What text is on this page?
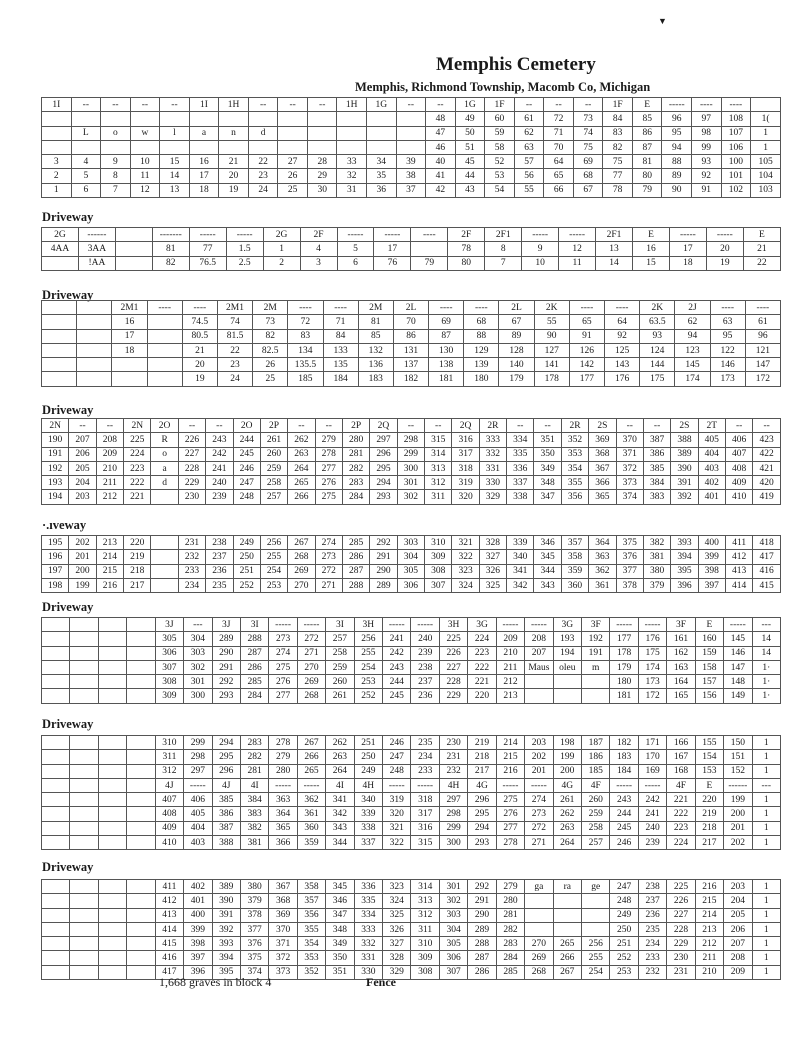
▼
Memphis Cemetery
Memphis, Richmond Township, Macomb Co, Michigan
1I	--	--	--	--	1I	1H	--	--	--	1H	1G	--	--	1G	1F	--	--	--	1F	E	-----	----	----	
													48	49	60	61	72	73	84	85	96	97	108	1(
	L	o	w	l	a	n	d						47	50	59	62	71	74	83	86	95	98	107	1
													46	51	58	63	70	75	82	87	94	99	106	1
3	4	9	10	15	16	21	22	27	28	33	34	39	40	45	52	57	64	69	75	81	88	93	100	105
2	5	8	11	14	17	20	23	26	29	32	35	38	41	44	53	56	65	68	77	80	89	92	101	104
1	6	7	12	13	18	19	24	25	30	31	36	37	42	43	54	55	66	67	78	79	90	91	102	103
Driveway
2G	------		-------	-----	-----	2G	2F	-----	-----	----	2F	2F1	-----	-----	2F1	E	-----	-----	E
4AA	3AA		81	77	1.5	1	4	5	17		78	8	9	12	13	16	17	20	21
	!AA		82	76.5	2.5	2	3	6	76	79	80	7	10	11	14	15	18	19	22
Driveway
		2M1	----	----	2M1	2M	----	----	2M	2L	----	----	2L	2K	----	----	2K	2J	----	----
		16		74.5	74	73	72	71	81	70	69	68	67	55	65	64	63.5	62	63	61
		17		80.5	81.5	82	83	84	85	86	87	88	89	90	91	92	93	94	95	96
		18		21	22	82.5	134	133	132	131	130	129	128	127	126	125	124	123	122	121
				20	23	26	135.5	135	136	137	138	139	140	141	142	143	144	145	146	147
				19	24	25	185	184	183	182	181	180	179	178	177	176	175	174	173	172
Driveway
2N	--	--	2N	2O	--	--	2O	2P	--	--	2P	2Q	--	--	2Q	2R	--	--	2R	2S	--	--	2S	2T	--	--
190	207	208	225	R	226	243	244	261	262	279	280	297	298	315	316	333	334	351	352	369	370	387	388	405	406	423
191	206	209	224	o	227	242	245	260	263	278	281	296	299	314	317	332	335	350	353	368	371	386	389	404	407	422
192	205	210	223	a	228	241	246	259	264	277	282	295	300	313	318	331	336	349	354	367	372	385	390	403	408	421
193	204	211	222	d	229	240	247	258	265	276	283	294	301	312	319	330	337	348	355	366	373	384	391	402	409	420
194	203	212	221		230	239	248	257	266	275	284	293	302	311	320	329	338	347	356	365	374	383	392	401	410	419
·.ıveway
195	202	213	220		231	238	249	256	267	274	285	292	303	310	321	328	339	346	357	364	375	382	393	400	411	418
196	201	214	219		232	237	250	255	268	273	286	291	304	309	322	327	340	345	358	363	376	381	394	399	412	417
197	200	215	218		233	236	251	254	269	272	287	290	305	308	323	326	341	344	359	362	377	380	395	398	413	416
198	199	216	217		234	235	252	253	270	271	288	289	306	307	324	325	342	343	360	361	378	379	396	397	414	415
Driveway
				3J	---	3J	3I	-----	-----	3I	3H	-----	-----	3H	3G	-----	-----	3G	3F	-----	-----	3F	E	-----	---
				305	304	289	288	273	272	257	256	241	240	225	224	209	208	193	192	177	176	161	160	145	14
				306	303	290	287	274	271	258	255	242	239	226	223	210	207	194	191	178	175	162	159	146	14
				307	302	291	286	275	270	259	254	243	238	227	222	211	Maus	oleu	m	179	174	163	158	147	1·
				308	301	292	285	276	269	260	253	244	237	228	221	212				180	173	164	157	148	1·
				309	300	293	284	277	268	261	252	245	236	229	220	213				181	172	165	156	149	1·
Driveway
				310	299	294	283	278	267	262	251	246	235	230	219	214	203	198	187	182	171	166	155	150	1
				311	298	295	282	279	266	263	250	247	234	231	218	215	202	199	186	183	170	167	154	151	1
				312	297	296	281	280	265	264	249	248	233	232	217	216	201	200	185	184	169	168	153	152	1
				4J	-----	4J	4I	-----	-----	4I	4H	-----	-----	4H	4G	-----	-----	4G	4F	-----	-----	4F	E	------	---
				407	406	385	384	363	362	341	340	319	318	297	296	275	274	261	260	243	242	221	220	199	1
				408	405	386	383	364	361	342	339	320	317	298	295	276	273	262	259	244	241	222	219	200	1
				409	404	387	382	365	360	343	338	321	316	299	294	277	272	263	258	245	240	223	218	201	1
				410	403	388	381	366	359	344	337	322	315	300	293	278	271	264	257	246	239	224	217	202	1
Driveway
				411	402	389	380	367	358	345	336	323	314	301	292	279	ga	ra	ge	247	238	225	216	203	1
				412	401	390	379	368	357	346	335	324	313	302	291	280				248	237	226	215	204	1
				413	400	391	378	369	356	347	334	325	312	303	290	281				249	236	227	214	205	1
				414	399	392	377	370	355	348	333	326	311	304	289	282				250	235	228	213	206	1
				415	398	393	376	371	354	349	332	327	310	305	288	283	270	265	256	251	234	229	212	207	1
				416	397	394	375	372	353	350	331	328	309	306	287	284	269	266	255	252	233	230	211	208	1
				417	396	395	374	373	352	351	330	329	308	307	286	285	268	267	254	253	232	231	210	209	1
1,668 graves in block 4	Fence
